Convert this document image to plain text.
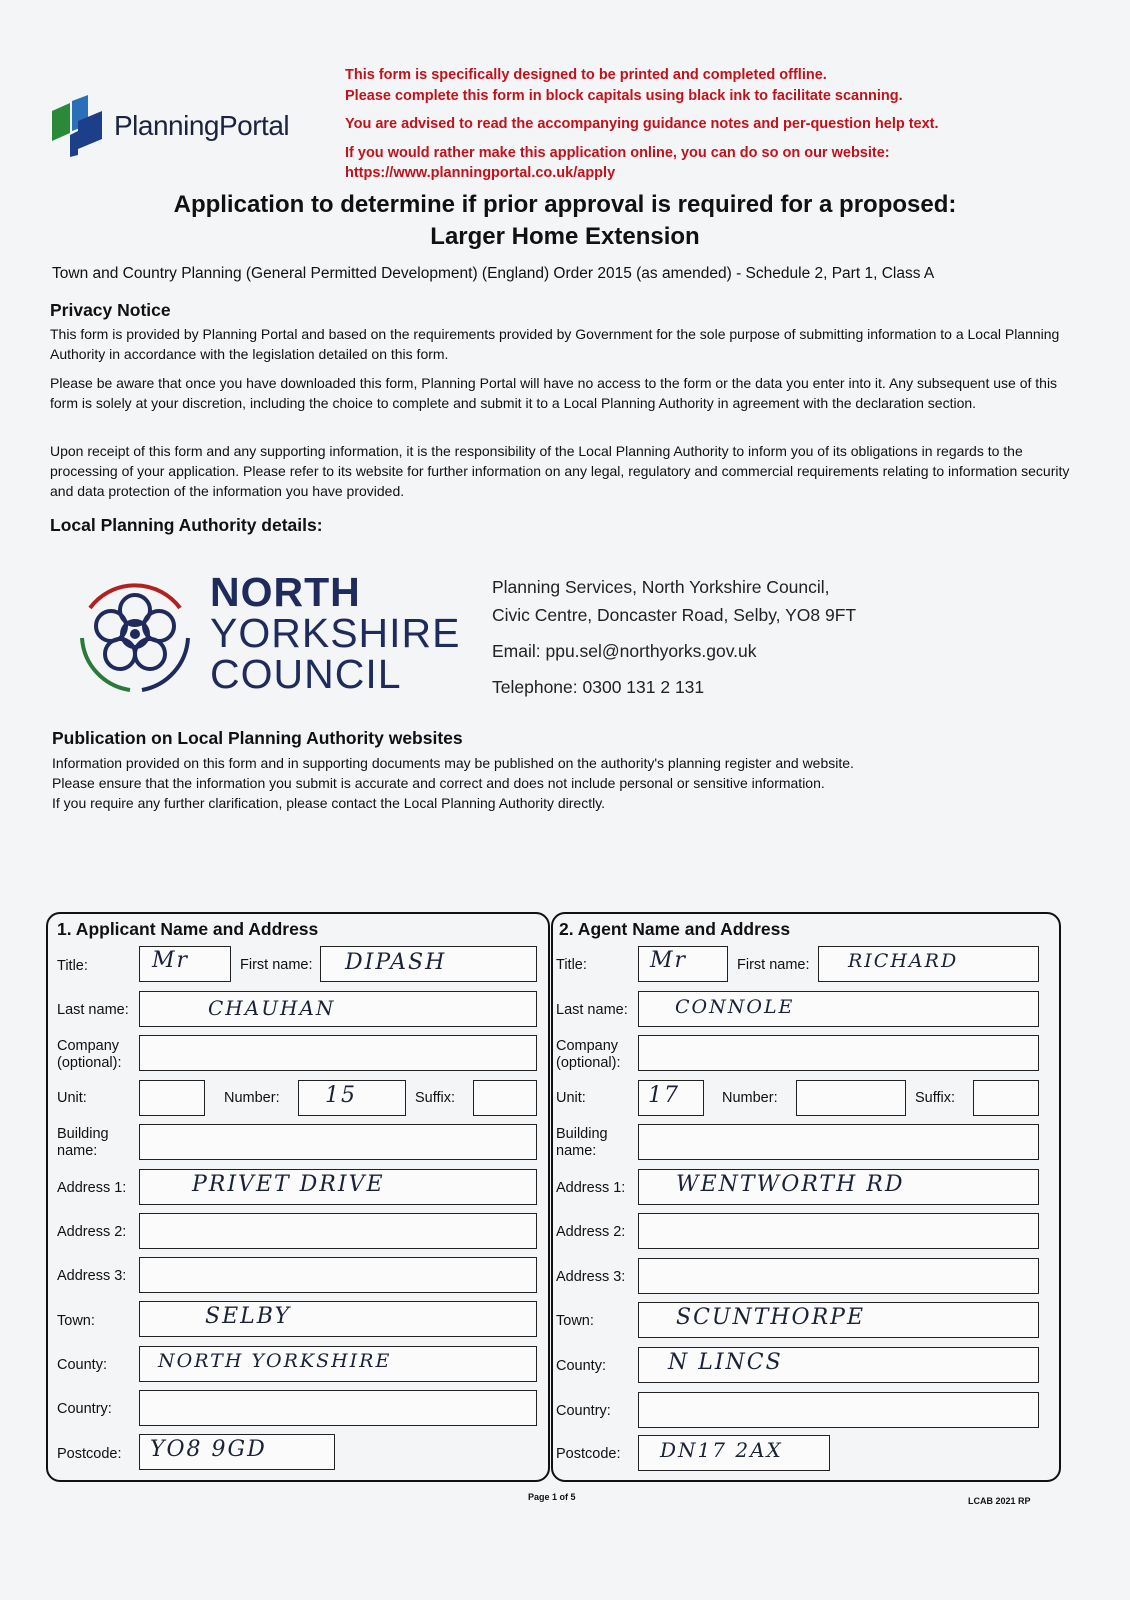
PlanningPortal
This form is specifically designed to be printed and completed offline.
Please complete this form in block capitals using black ink to facilitate scanning.
You are advised to read the accompanying guidance notes and per-question help text.
If you would rather make this application online, you can do so on our website:
https://www.planningportal.co.uk/apply
Application to determine if prior approval is required for a proposed:
Larger Home Extension
Town and Country Planning (General Permitted Development) (England) Order 2015 (as amended) - Schedule 2, Part 1, Class A
Privacy Notice
This form is provided by Planning Portal and based on the requirements provided by Government for the sole purpose of submitting information to a Local Planning Authority in accordance with the legislation detailed on this form.
Please be aware that once you have downloaded this form, Planning Portal will have no access to the form or the data you enter into it. Any subsequent use of this form is solely at your discretion, including the choice to complete and submit it to a Local Planning Authority in agreement with the declaration section.
Upon receipt of this form and any supporting information, it is the responsibility of the Local Planning Authority to inform you of its obligations in regards to the processing of your application. Please refer to its website for further information on any legal, regulatory and commercial requirements relating to information security and data protection of the information you have provided.
Local Planning Authority details:
NORTH
YORKSHIRE
COUNCIL
Planning Services, North Yorkshire Council,
Civic Centre, Doncaster Road, Selby, YO8 9FT
Email: ppu.sel@northyorks.gov.uk
Telephone: 0300 131 2 131
Publication on Local Planning Authority websites
Information provided on this form and in supporting documents may be published on the authority's planning register and website.
Please ensure that the information you submit is accurate and correct and does not include personal or sensitive information.
If you require any further clarification, please contact the Local Planning Authority directly.
1. Applicant Name and Address
Title:	Mr	First name: DIPASH
Last name:	CHAUHAN
Company (optional):
Unit:	Number: 15	Suffix:
Building name:
Address 1:	PRIVET DRIVE
Address 2:
Address 3:
Town:	SELBY
County:	NORTH YORKSHIRE
Country:
Postcode: YO8 9GD
2. Agent Name and Address
Title:	Mr	First name: RICHARD
Last name: CONNOLE
Company (optional):
Unit:	17	Number:	Suffix:
Building name:
Address 1: WENTWORTH RD
Address 2:
Address 3:
Town:	SCUNTHORPE
County:	N LINCS
Country:
Postcode: DN17 2AX
Page 1 of 5	LCAB 2021 RP
